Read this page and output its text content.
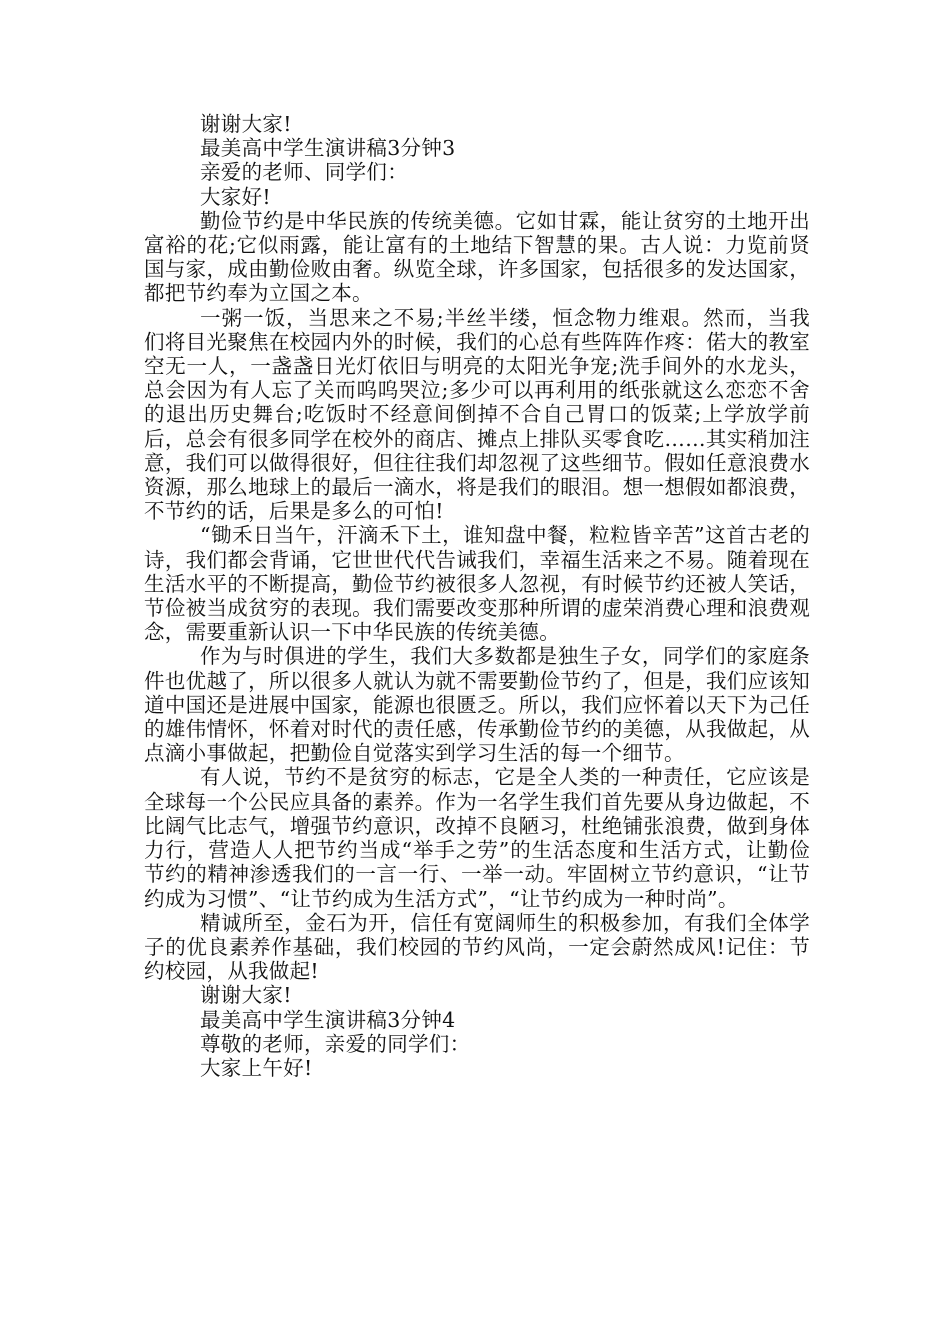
谢谢大家!

最美高中学生演讲稿3分钟3

亲爱的老师、同学们：

大家好!

勤俭节约是中华民族的传统美德。它如甘霖，能让贫穷的土地开出富裕的花;它似雨露，能让富有的土地结下智慧的果。古人说：力览前贤国与家，成由勤俭败由奢。纵览全球，许多国家，包括很多的发达国家，都把节约奉为立国之本。

一粥一饭，当思来之不易;半丝半缕，恒念物力维艰。然而，当我们将目光聚焦在校园内外的时候，我们的心总有些阵阵作疼：偌大的教室空无一人，一盏盏日光灯依旧与明亮的太阳光争宠;洗手间外的水龙头，总会因为有人忘了关而呜呜哭泣;多少可以再利用的纸张就这么恋恋不舍的退出历史舞台;吃饭时不经意间倒掉不合自己胃口的饭菜;上学放学前后，总会有很多同学在校外的商店、摊点上排队买零食吃……其实稍加注意，我们可以做得很好，但往往我们却忽视了这些细节。假如任意浪费水资源，那么地球上的最后一滴水，将是我们的眼泪。想一想假如都浪费，不节约的话，后果是多么的可怕!

“锄禾日当午，汗滴禾下土，谁知盘中餐，粒粒皆辛苦”这首古老的诗，我们都会背诵，它世世代代告诫我们，幸福生活来之不易。随着现在生活水平的不断提高，勤俭节约被很多人忽视，有时候节约还被人笑话，节俭被当成贫穷的表现。我们需要改变那种所谓的虚荣消费心理和浪费观念，需要重新认识一下中华民族的传统美德。

作为与时俱进的学生，我们大多数都是独生子女，同学们的家庭条件也优越了，所以很多人就认为就不需要勤俭节约了，但是，我们应该知道中国还是进展中国家，能源也很匮乏。所以，我们应怀着以天下为己任的雄伟情怀，怀着对时代的责任感，传承勤俭节约的美德，从我做起，从点滴小事做起，把勤俭自觉落实到学习生活的每一个细节。

有人说，节约不是贫穷的标志，它是全人类的一种责任，它应该是全球每一个公民应具备的素养。作为一名学生我们首先要从身边做起，不比阔气比志气，增强节约意识，改掉不良陋习，杜绝铺张浪费，做到身体力行，营造人人把节约当成“举手之劳”的生活态度和生活方式，让勤俭节约的精神渗透我们的一言一行、一举一动。牢固树立节约意识，“让节约成为习惯”、“让节约成为生活方式”，“让节约成为一种时尚”。

精诚所至，金石为开，信任有宽阔师生的积极参加，有我们全体学子的优良素养作基础，我们校园的节约风尚，一定会蔚然成风!记住：节约校园，从我做起!

谢谢大家!

最美高中学生演讲稿3分钟4

尊敬的老师，亲爱的同学们：

大家上午好!
